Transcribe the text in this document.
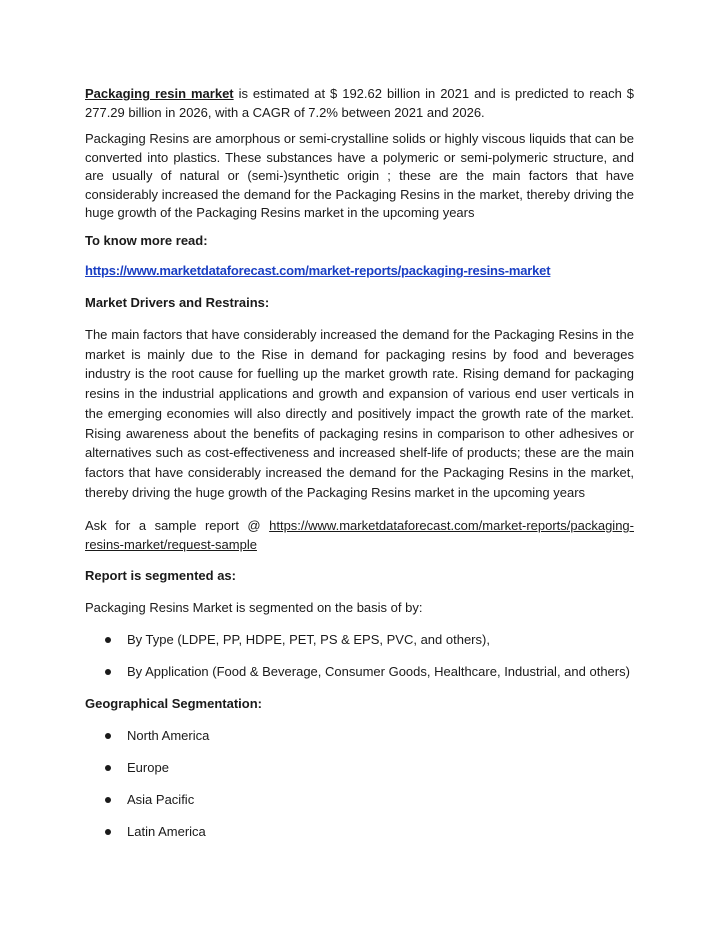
Packaging resin market is estimated at $ 192.62 billion in 2021 and is predicted to reach $ 277.29 billion in 2026, with a CAGR of 7.2% between 2021 and 2026.
Packaging Resins are amorphous or semi-crystalline solids or highly viscous liquids that can be converted into plastics. These substances have a polymeric or semi-polymeric structure, and are usually of natural or (semi-)synthetic origin ; these are the main factors that have considerably increased the demand for the Packaging Resins in the market, thereby driving the huge growth of the Packaging Resins market in the upcoming years
To know more read:
https://www.marketdataforecast.com/market-reports/packaging-resins-market
Market Drivers and Restrains:
The main factors that have considerably increased the demand for the Packaging Resins in the market is mainly due to the Rise in demand for packaging resins by food and beverages industry is the root cause for fuelling up the market growth rate. Rising demand for packaging resins in the industrial applications and growth and expansion of various end user verticals in the emerging economies will also directly and positively impact the growth rate of the market. Rising awareness about the benefits of packaging resins in comparison to other adhesives or alternatives such as cost-effectiveness and increased shelf-life of products; these are the main factors that have considerably increased the demand for the Packaging Resins in the market, thereby driving the huge growth of the Packaging Resins market in the upcoming years
Ask for a sample report @ https://www.marketdataforecast.com/market-reports/packaging-resins-market/request-sample
Report is segmented as:
Packaging Resins Market is segmented on the basis of by:
By Type (LDPE, PP, HDPE, PET, PS & EPS, PVC, and others),
By Application (Food & Beverage, Consumer Goods, Healthcare, Industrial, and others)
Geographical Segmentation:
North America
Europe
Asia Pacific
Latin America
